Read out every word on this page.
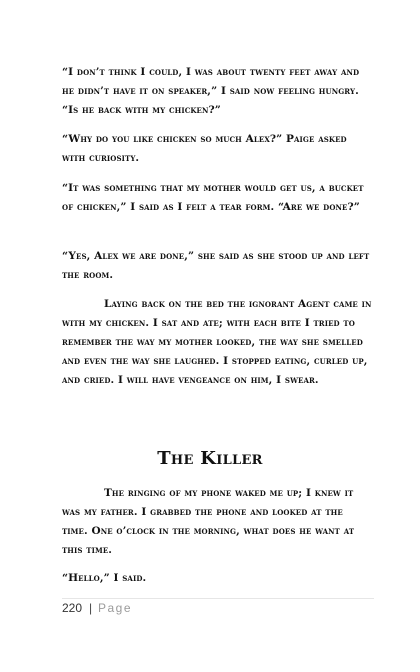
“I don’t think I could, I was about twenty feet away and he didn’t have it on speaker,” I said now feeling hungry. “Is he back with my chicken?”
“Why do you like chicken so much Alex?” Paige asked with curiosity.
“It was something that my mother would get us, a bucket of chicken,” I said as I felt a tear form. “Are we done?”
“Yes, Alex we are done,” she said as she stood up and left the room.
Laying back on the bed the ignorant Agent came in with my chicken. I sat and ate; with each bite I tried to remember the way my mother looked, the way she smelled and even the way she laughed. I stopped eating, curled up, and cried. I will have vengeance on him, I swear.
The Killer
The ringing of my phone waked me up; I knew it was my father. I grabbed the phone and looked at the time. One o’clock in the morning, what does he want at this time.
“Hello,” I said.
220 | Page
